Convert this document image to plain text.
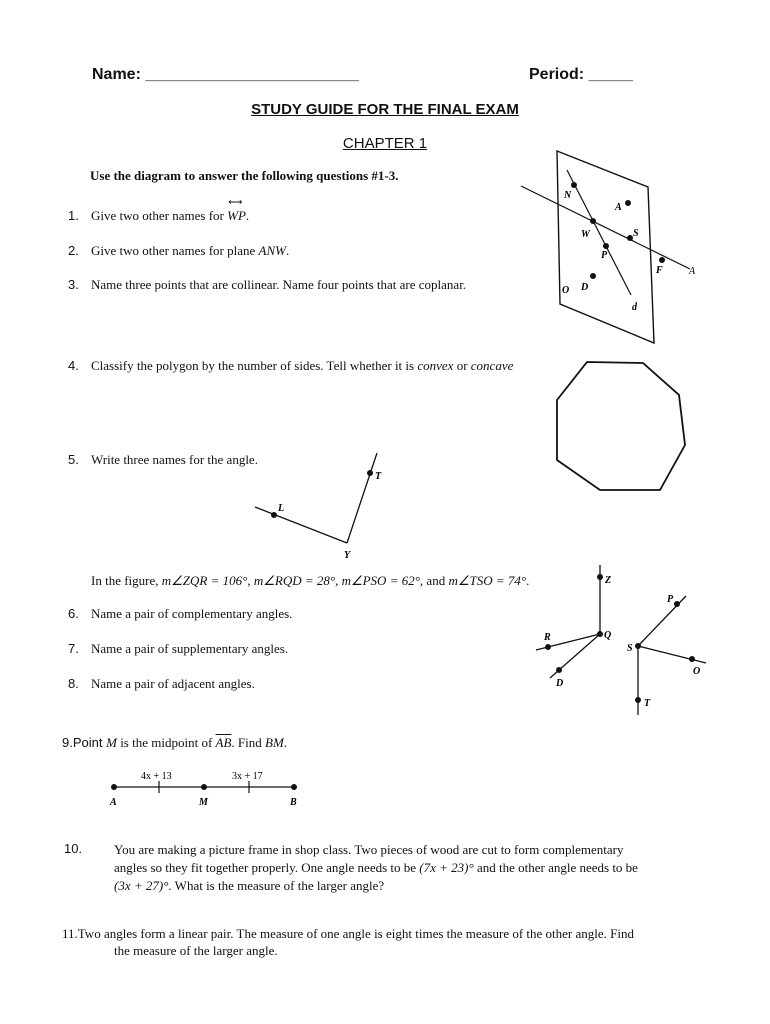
Name: ________________________	Period: _____
STUDY GUIDE FOR THE FINAL EXAM
CHAPTER 1
Use the diagram to answer the following questions #1-3.
1. Give two other names for
⟷
WP.
2. Give two other names for plane ANW.
3. Name three points that are collinear. Name four points that are coplanar.
4. Classify the polygon by the number of sides. Tell whether it is convex or concave
5. Write three names for the angle.
In the figure, m∠ZQR = 106°, m∠RQD = 28°, m∠PSO = 62°, and m∠TSO = 74°.
6. Name a pair of complementary angles.
7. Name a pair of supplementary angles.
8. Name a pair of adjacent angles.
9.Point M is the midpoint of $\overline{AB}$. Find BM.
10. You are making a picture frame in shop class. Two pieces of wood are cut to form complementary
angles so they fit together properly. One angle needs to be (7x + 23)° and the other angle needs to be
(3x + 27)°. What is the measure of the larger angle?
11.Two angles form a linear pair. The measure of one angle is eight times the measure of the other angle. Find
the measure of the larger angle.
N
A
W	S
P
F
O D
d
A
L
T
Y
Z
R	Q
D
P
S
O
T
4x + 13	3x + 17
A	M	B
